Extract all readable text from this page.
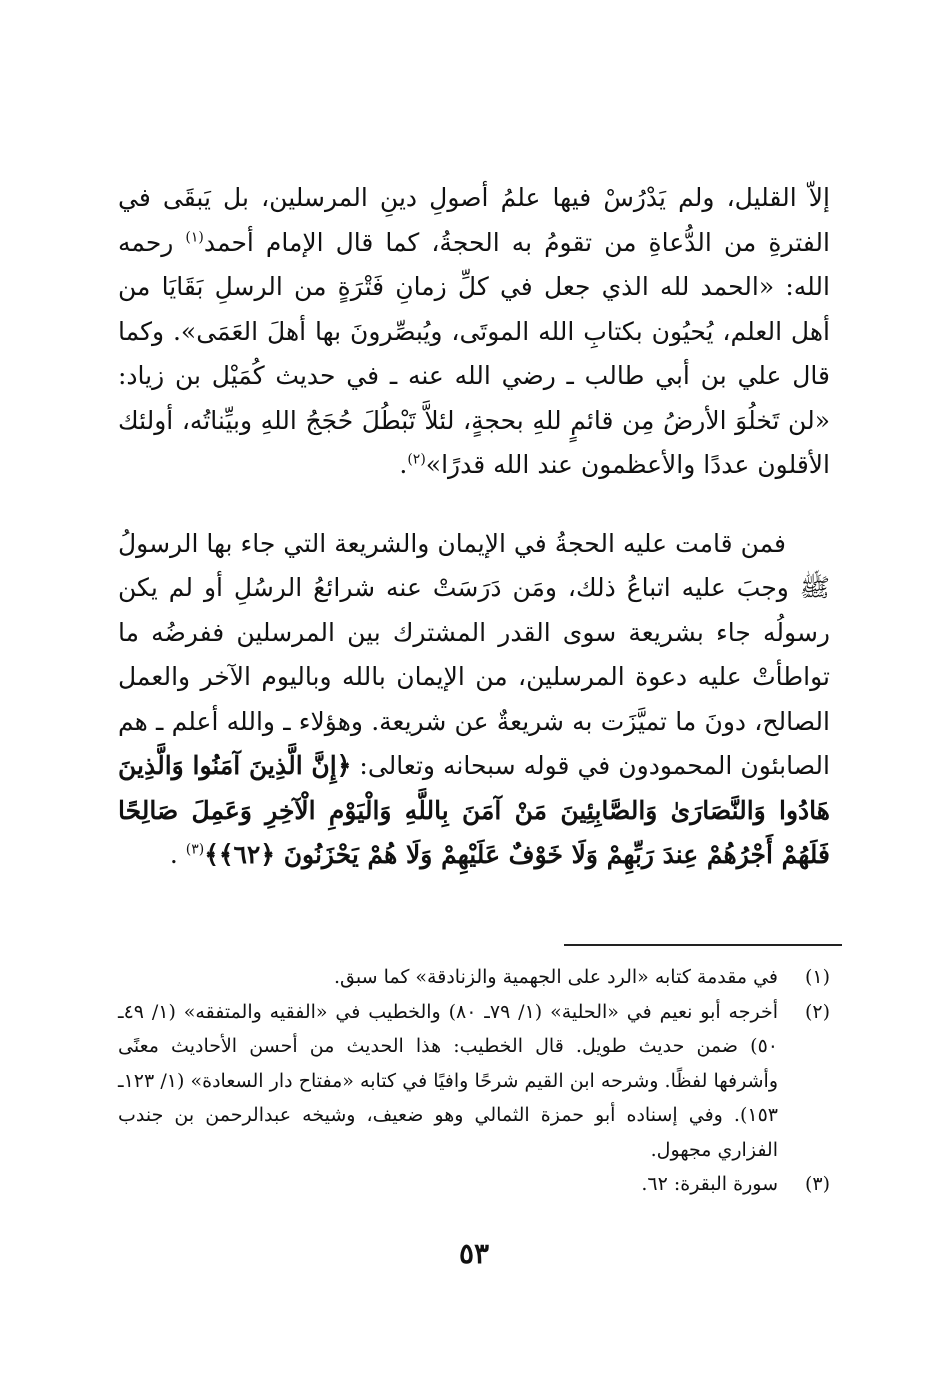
إلاّ القليل، ولم يَدْرُسْ فيها علمُ أصولِ دينِ المرسلين، بل يَبقَى في الفترةِ من الدُّعاةِ من تقومُ به الحجةُ، كما قال الإمام أحمد$^{(١)}$ رحمه الله: «الحمد لله الذي جعل في كلِّ زمانِ فَتْرَةٍ من الرسلِ بَقَايَا من أهل العلم، يُحيُون بكتابِ الله الموتَى، ويُبصِّرونَ بها أهلَ العَمَى». وكما قال علي بن أبي طالب ـ رضي الله عنه ـ في حديث كُمَيْل بن زياد: «لن تَخلُوَ الأرضُ مِن قائمٍ للهِ بحجةٍ، لئلاَّ تَبْطُلَ حُجَجُ اللهِ وبيِّناتُه، أولئك الأقلون عددًا والأعظمون عند الله قدرًا»$^{(٢)}$.

فمن قامت عليه الحجةُ في الإيمان والشريعة التي جاء بها الرسولُ ﷺ وجبَ عليه اتباعُ ذلك، ومَن دَرَسَتْ عنه شرائعُ الرسُلِ أو لم يكن رسولُه جاء بشريعة سوى القدر المشترك بين المرسلين ففرضُه ما تواطأتْ عليه دعوة المرسلين، من الإيمان بالله وباليوم الآخر والعمل الصالح، دونَ ما تميَّزَت به شريعةٌ عن شريعة. وهؤلاء ـ والله أعلم ـ هم الصابئون المحمودون في قوله سبحانه وتعالى: ﴿إِنَّ الَّذِينَ آمَنُوا وَالَّذِينَ هَادُوا وَالنَّصَارَىٰ وَالصَّابِئِينَ مَنْ آمَنَ بِاللَّهِ وَالْيَوْمِ الْآخِرِ وَعَمِلَ صَالِحًا فَلَهُمْ أَجْرُهُمْ عِندَ رَبِّهِمْ وَلَا خَوْفٌ عَلَيْهِمْ وَلَا هُمْ يَحْزَنُونَ ﴿٦٢﴾﴾$^{(٣)}$ .

(١)
في مقدمة كتابه «الرد على الجهمية والزنادقة» كما سبق.
(٢)
أخرجه أبو نعيم في «الحلية» (١/ ٧٩ـ ٨٠) والخطيب في «الفقيه والمتفقه» (١/ ٤٩ـ ٥٠) ضمن حديث طويل. قال الخطيب: هذا الحديث من أحسن الأحاديث معنًى وأشرفها لفظًا. وشرحه ابن القيم شرحًا وافيًا في كتابه «مفتاح دار السعادة» (١/ ١٢٣ـ ١٥٣). وفي إسناده أبو حمزة الثمالي وهو ضعيف، وشيخه عبدالرحمن بن جندب الفزاري مجهول.
(٣)
سورة البقرة: ٦٢.
٥٣
